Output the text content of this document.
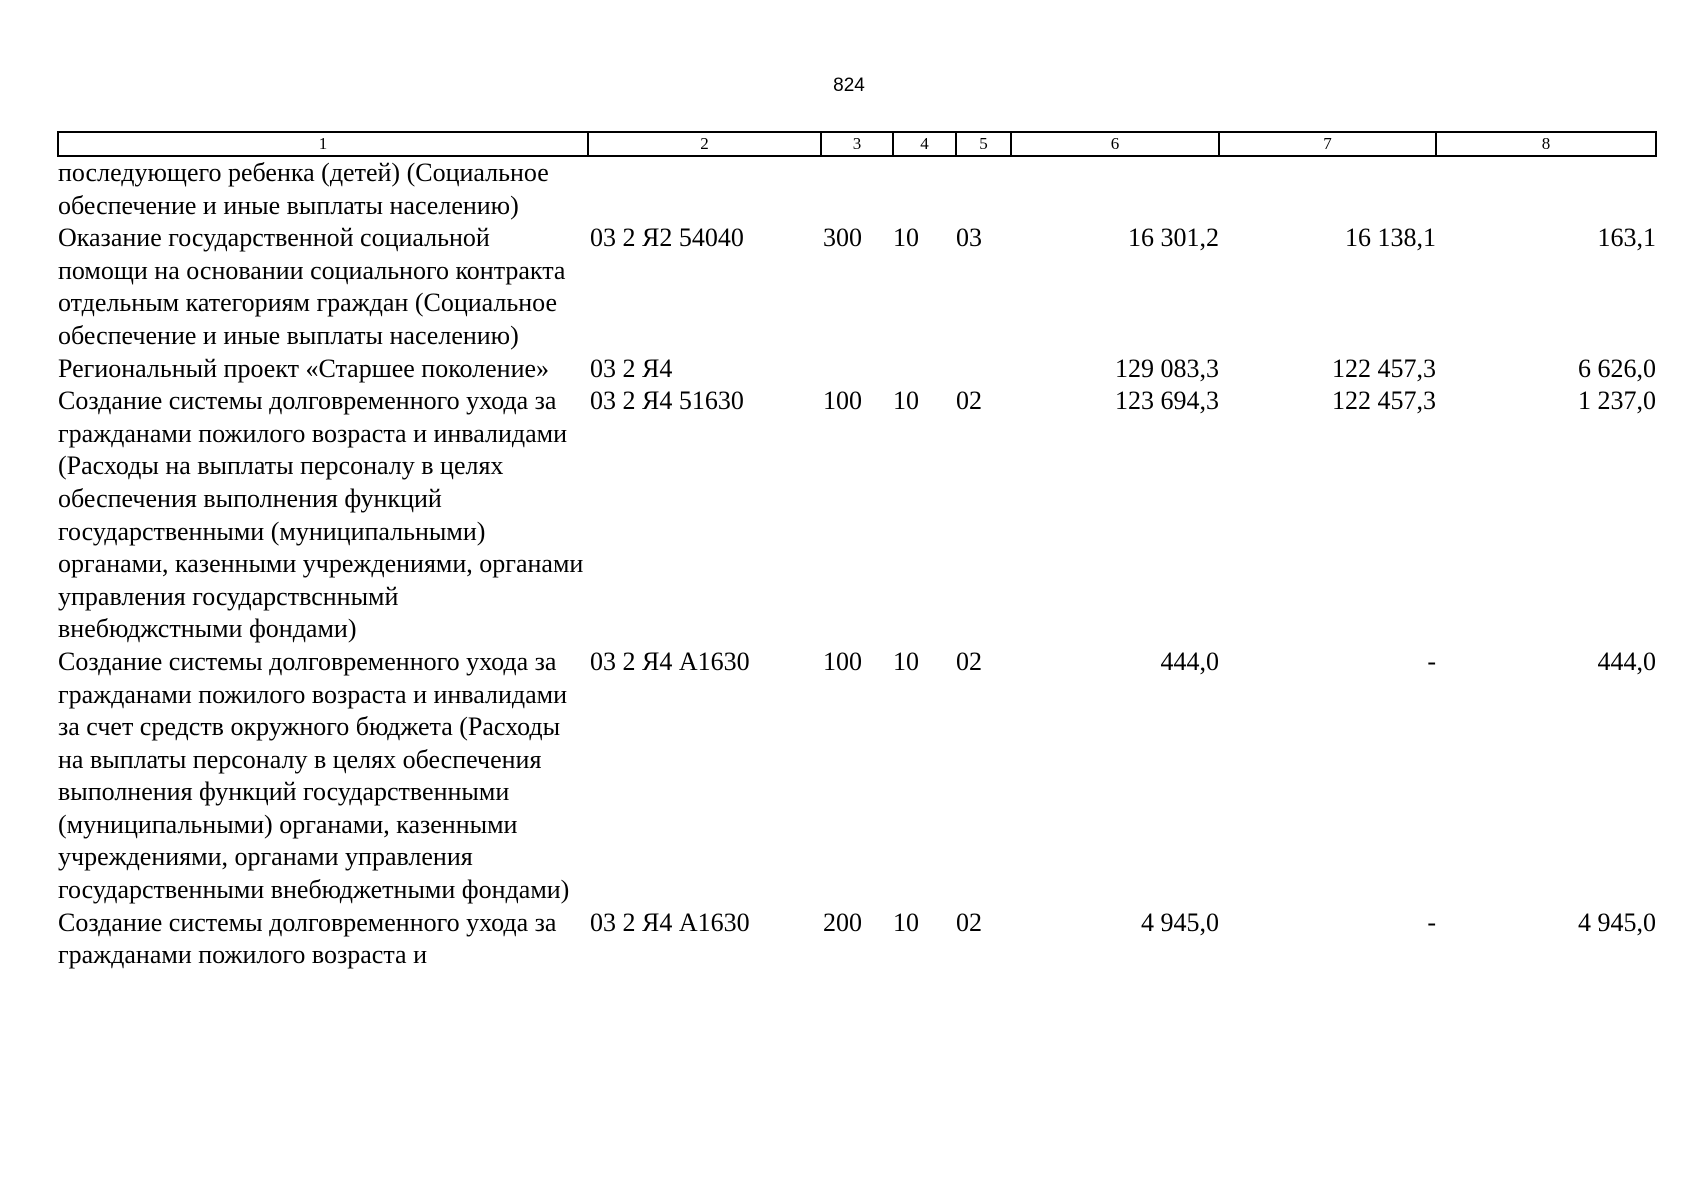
824
1	2	3	4	5	6	7	8
последующего ребенка (детей) (Социальное обеспечение и иные выплаты населению)							
Оказание государственной социальной помощи на основании социального контракта отдельным категориям граждан (Социальное обеспечение и иные выплаты населению)	03 2 Я2 54040	300	10	03	16 301,2	16 138,1	163,1
Региональный проект «Старшее поколение»	03 2 Я4				129 083,3	122 457,3	6 626,0
Создание системы долговременного ухода за гражданами пожилого возраста и инвалидами (Расходы на выплаты персоналу в целях обеспечения выполнения функций государственными (муниципальными) органами, казенными учреждениями, органами управления государствсннымй внебюджстными фондами)	03 2 Я4 51630	100	10	02	123 694,3	122 457,3	1 237,0
Создание системы долговременного ухода за гражданами пожилого возраста и инвалидами за счет средств окружного бюджета (Расходы на выплаты персоналу в целях обеспечения выполнения функций государственными (муниципальными) органами, казенными учреждениями, органами управления государственными внебюджетными фондами)	03 2 Я4 А1630	100	10	02	444,0	-	444,0
Создание системы долговременного ухода за гражданами пожилого возраста и	03 2 Я4 А1630	200	10	02	4 945,0	-	4 945,0
